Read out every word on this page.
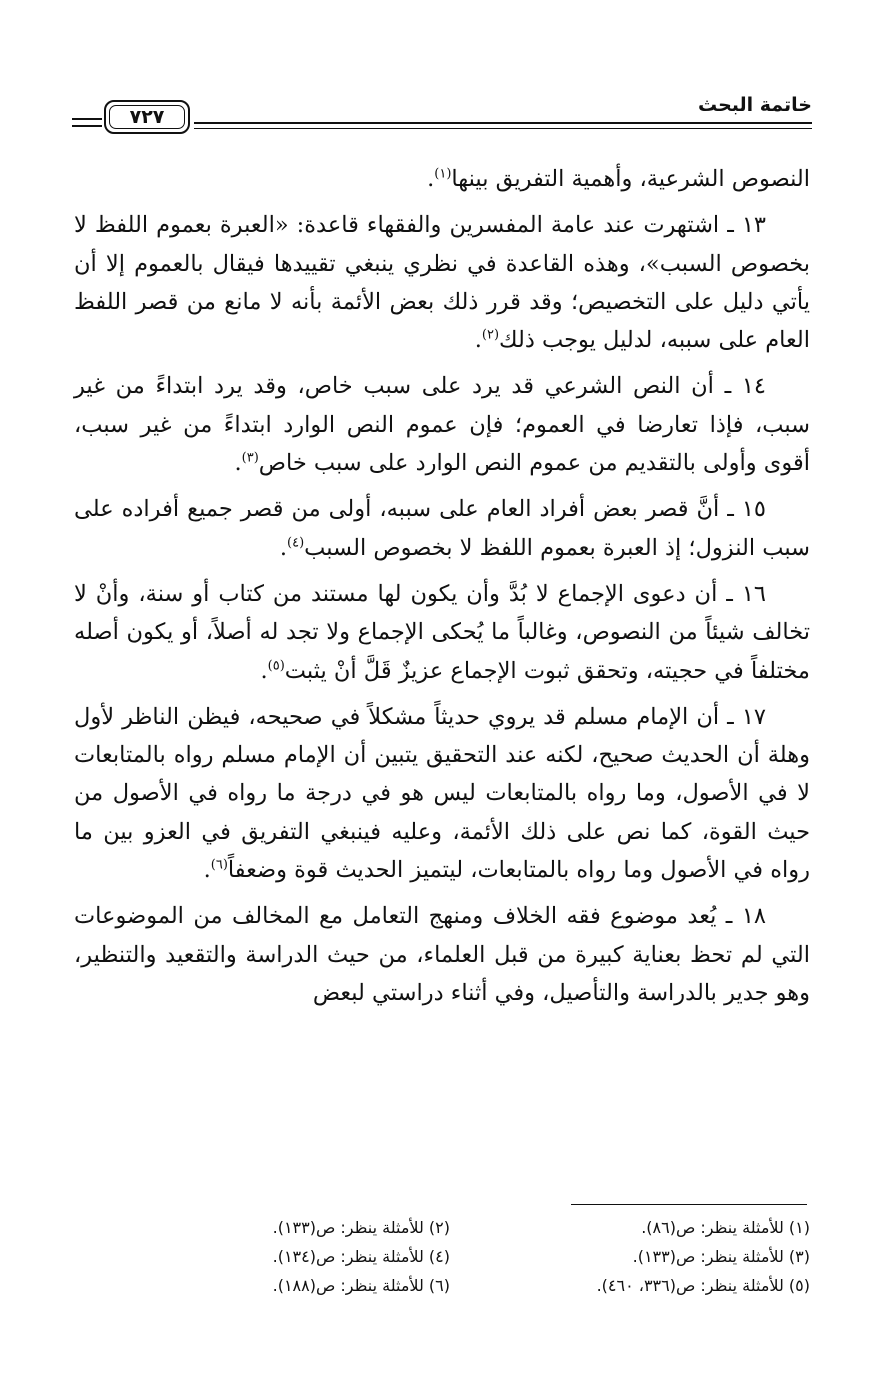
خاتمة البحث
٧٢٧

النصوص الشرعية، وأهمية التفريق بينها$^{(١)}$.

١٣ ـ اشتهرت عند عامة المفسرين والفقهاء قاعدة: «العبرة بعموم اللفظ لا بخصوص السبب»، وهذه القاعدة في نظري ينبغي تقييدها فيقال بالعموم إلا أن يأتي دليل على التخصيص؛ وقد قرر ذلك بعض الأئمة بأنه لا مانع من قصر اللفظ العام على سببه، لدليل يوجب ذلك$^{(٢)}$.

١٤ ـ أن النص الشرعي قد يرد على سبب خاص، وقد يرد ابتداءً من غير سبب، فإذا تعارضا في العموم؛ فإن عموم النص الوارد ابتداءً من غير سبب، أقوى وأولى بالتقديم من عموم النص الوارد على سبب خاص$^{(٣)}$.

١٥ ـ أنَّ قصر بعض أفراد العام على سببه، أولى من قصر جميع أفراده على سبب النزول؛ إذ العبرة بعموم اللفظ لا بخصوص السبب$^{(٤)}$.

١٦ ـ أن دعوى الإجماع لا بُدَّ وأن يكون لها مستند من كتاب أو سنة، وأنْ لا تخالف شيئاً من النصوص، وغالباً ما يُحكى الإجماع ولا تجد له أصلاً، أو يكون أصله مختلفاً في حجيته، وتحقق ثبوت الإجماع عزيزٌ قَلَّ أنْ يثبت$^{(٥)}$.

١٧ ـ أن الإمام مسلم قد يروي حديثاً مشكلاً في صحيحه، فيظن الناظر لأول وهلة أن الحديث صحيح، لكنه عند التحقيق يتبين أن الإمام مسلم رواه بالمتابعات لا في الأصول، وما رواه بالمتابعات ليس هو في درجة ما رواه في الأصول من حيث القوة، كما نص على ذلك الأئمة، وعليه فينبغي التفريق في العزو بين ما رواه في الأصول وما رواه بالمتابعات، ليتميز الحديث قوة وضعفاً$^{(٦)}$.

١٨ ـ يُعد موضوع فقه الخلاف ومنهج التعامل مع المخالف من الموضوعات التي لم تحظ بعناية كبيرة من قبل العلماء، من حيث الدراسة والتقعيد والتنظير، وهو جدير بالدراسة والتأصيل، وفي أثناء دراستي لبعض

(١) للأمثلة ينظر: ص(٨٦).
(٢) للأمثلة ينظر: ص(١٣٣).
(٣) للأمثلة ينظر: ص(١٣٣).
(٤) للأمثلة ينظر: ص(١٣٤).
(٥) للأمثلة ينظر: ص(٣٣٦، ٤٦٠).
(٦) للأمثلة ينظر: ص(١٨٨).
